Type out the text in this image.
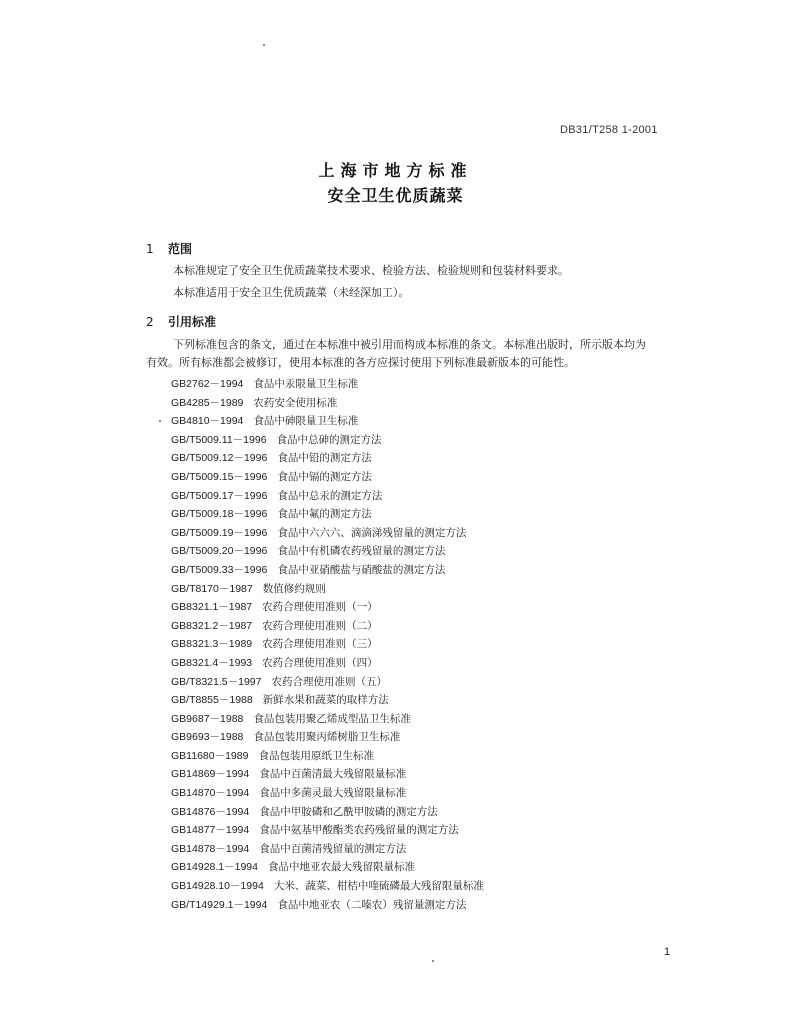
DB31/T258 1-2001
上海市地方标准
安全卫生优质蔬菜
1 范围
本标准规定了安全卫生优质蔬菜技术要求、检验方法、检验规则和包装材料要求。
本标准适用于安全卫生优质蔬菜（未经深加工）。
2 引用标准
下列标准包含的条文，通过在本标准中被引用而构成本标准的条文。本标准出版时，所示版本均为
有效。所有标准都会被修订，使用本标准的各方应探讨使用下列标准最新版本的可能性。
GB2762－1994 食品中汞限量卫生标准
GB4285－1989 农药安全使用标准
GB4810－1994 食品中砷限量卫生标准
GB/T5009.11－1996 食品中总砷的测定方法
GB/T5009.12－1996 食品中铅的测定方法
GB/T5009.15－1996 食品中镉的测定方法
GB/T5009.17－1996 食品中总汞的测定方法
GB/T5009.18－1996 食品中氟的测定方法
GB/T5009.19－1996 食品中六六六、滴滴涕残留量的测定方法
GB/T5009.20－1996 食品中有机磷农药残留量的测定方法
GB/T5009.33－1996 食品中亚硝酸盐与硝酸盐的测定方法
GB/T8170－1987 数值修约规则
GB8321.1－1987 农药合理使用准则（一）
GB8321.2－1987 农药合理使用准则（二）
GB8321.3－1989 农药合理使用准则（三）
GB8321.4－1993 农药合理使用准则（四）
GB/T8321.5－1997 农药合理使用准则（五）
GB/T8855－1988 新鲜水果和蔬菜的取样方法
GB9687－1988 食品包装用聚乙烯成型品卫生标准
GB9693－1988 食品包装用聚丙烯树脂卫生标准
GB11680－1989 食品包装用原纸卫生标准
GB14869－1994 食品中百菌清最大残留限量标准
GB14870－1994 食品中多菌灵最大残留限量标准
GB14876－1994 食品中甲胺磷和乙酰甲胺磷的测定方法
GB14877－1994 食品中氨基甲酸酯类农药残留量的测定方法
GB14878－1994 食品中百菌清残留量的测定方法
GB14928.1－1994 食品中地亚农最大残留限量标准
GB14928.10－1994 大米、蔬菜、柑桔中喹硫磷最大残留限量标准
GB/T14929.1－1994 食品中地亚农（二嗪农）残留量测定方法
1
